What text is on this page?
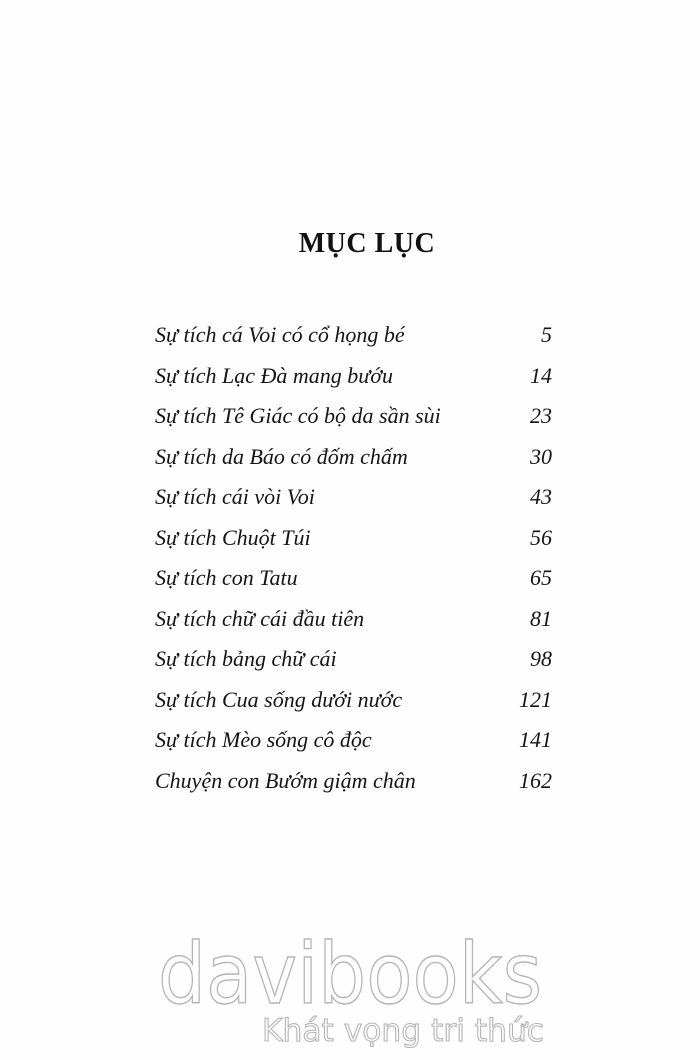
MỤC LỤC
Sự tích cá Voi có cổ họng bé	5
Sự tích Lạc Đà mang bướu	14
Sự tích Tê Giác có bộ da sần sùi	23
Sự tích da Báo có đốm chấm	30
Sự tích cái vòi Voi	43
Sự tích Chuột Túi	56
Sự tích con Tatu	65
Sự tích chữ cái đầu tiên	81
Sự tích bảng chữ cái	98
Sự tích Cua sống dưới nước	121
Sự tích Mèo sống cô độc	141
Chuyện con Bướm giậm chân	162
davibooks
Khát vọng tri thức
